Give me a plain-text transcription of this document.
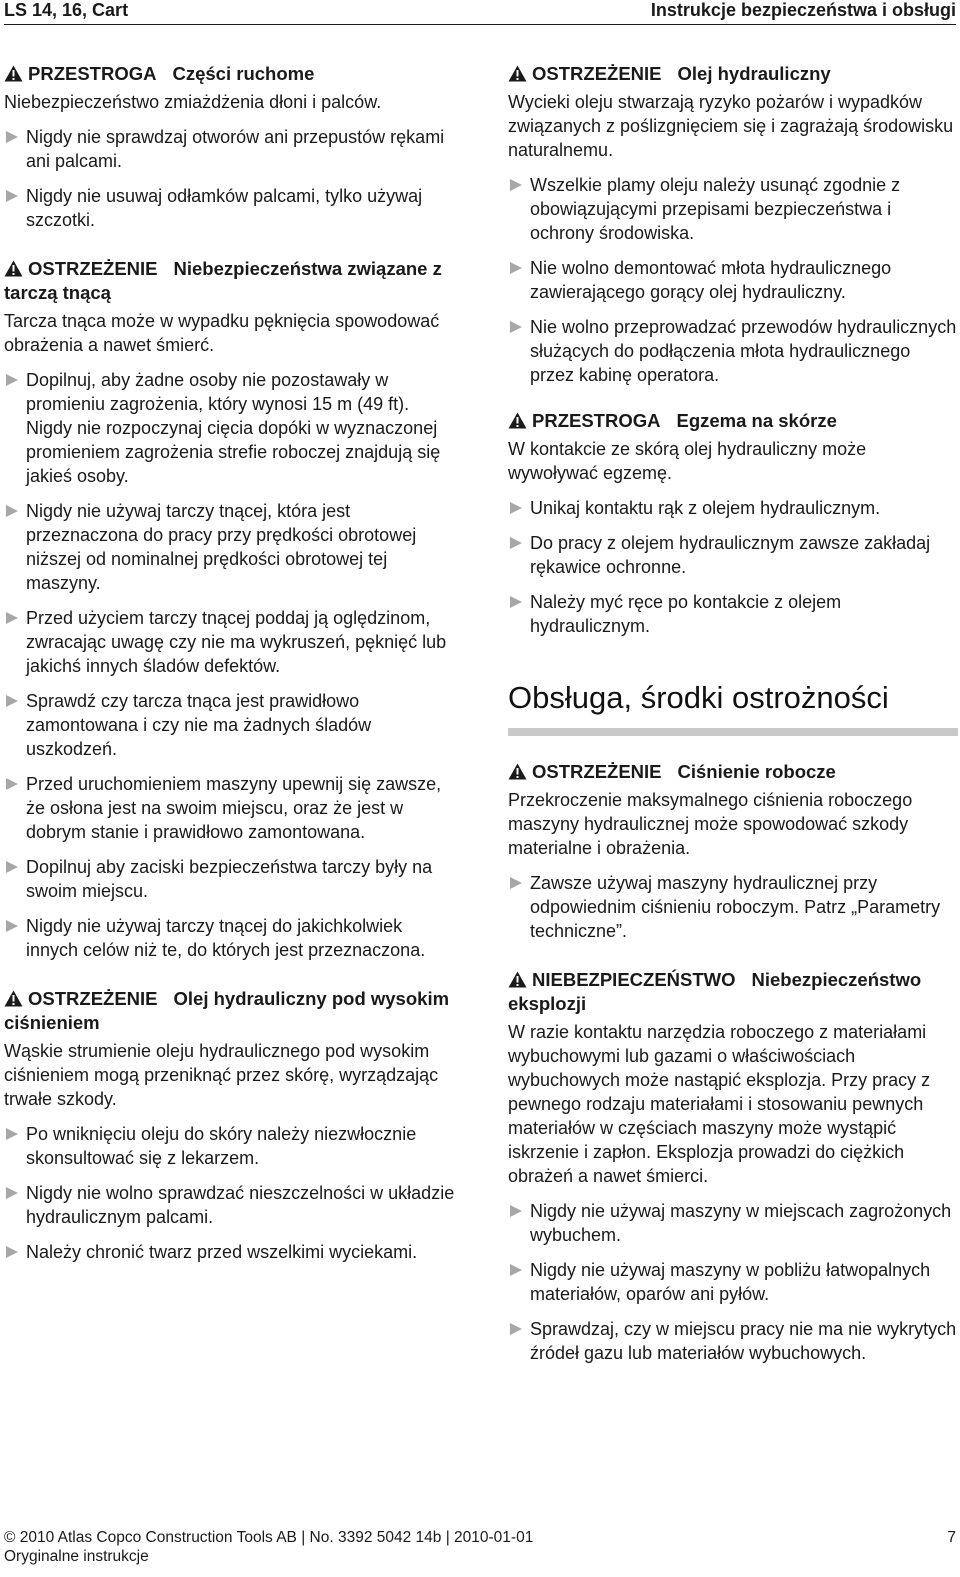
LS 14, 16, Cart	Instrukcje bezpieczeństwa i obsługi

PRZESTROGA Części ruchome

Niebezpieczeństwo zmiażdżenia dłoni i palców.

Nigdy nie sprawdzaj otworów ani przepustów rękami ani palcami.
Nigdy nie usuwaj odłamków palcami, tylko używaj szczotki.

OSTRZEŻENIE Niebezpieczeństwa związane z tarczą tnącą

Tarcza tnąca może w wypadku pęknięcia spowodować obrażenia a nawet śmierć.

Dopilnuj, aby żadne osoby nie pozostawały w promieniu zagrożenia, który wynosi 15 m (49 ft). Nigdy nie rozpoczynaj cięcia dopóki w wyznaczonej promieniem zagrożenia strefie roboczej znajdują się jakieś osoby.
Nigdy nie używaj tarczy tnącej, która jest przeznaczona do pracy przy prędkości obrotowej niższej od nominalnej prędkości obrotowej tej maszyny.
Przed użyciem tarczy tnącej poddaj ją oględzinom, zwracając uwagę czy nie ma wykruszeń, pęknięć lub jakichś innych śladów defektów.
Sprawdź czy tarcza tnąca jest prawidłowo zamontowana i czy nie ma żadnych śladów uszkodzeń.
Przed uruchomieniem maszyny upewnij się zawsze, że osłona jest na swoim miejscu, oraz że jest w dobrym stanie i prawidłowo zamontowana.
Dopilnuj aby zaciski bezpieczeństwa tarczy były na swoim miejscu.
Nigdy nie używaj tarczy tnącej do jakichkolwiek innych celów niż te, do których jest przeznaczona.

OSTRZEŻENIE Olej hydrauliczny pod wysokim ciśnieniem

Wąskie strumienie oleju hydraulicznego pod wysokim ciśnieniem mogą przeniknąć przez skórę, wyrządzając trwałe szkody.

Po wniknięciu oleju do skóry należy niezwłocznie skonsultować się z lekarzem.
Nigdy nie wolno sprawdzać nieszczelności w układzie hydraulicznym palcami.
Należy chronić twarz przed wszelkimi wyciekami.

OSTRZEŻENIE Olej hydrauliczny

Wycieki oleju stwarzają ryzyko pożarów i wypadków związanych z poślizgnięciem się i zagrażają środowisku naturalnemu.

Wszelkie plamy oleju należy usunąć zgodnie z obowiązującymi przepisami bezpieczeństwa i ochrony środowiska.
Nie wolno demontować młota hydraulicznego zawierającego gorący olej hydrauliczny.
Nie wolno przeprowadzać przewodów hydraulicznych służących do podłączenia młota hydraulicznego przez kabinę operatora.

PRZESTROGA Egzema na skórze

W kontakcie ze skórą olej hydrauliczny może wywoływać egzemę.

Unikaj kontaktu rąk z olejem hydraulicznym.
Do pracy z olejem hydraulicznym zawsze zakładaj rękawice ochronne.
Należy myć ręce po kontakcie z olejem hydraulicznym.
Obsługa, środki ostrożności

OSTRZEŻENIE Ciśnienie robocze

Przekroczenie maksymalnego ciśnienia roboczego maszyny hydraulicznej może spowodować szkody materialne i obrażenia.

Zawsze używaj maszyny hydraulicznej przy odpowiednim ciśnieniu roboczym. Patrz „Parametry techniczne”.

NIEBEZPIECZEŃSTWO Niebezpieczeństwo eksplozji

W razie kontaktu narzędzia roboczego z materiałami wybuchowymi lub gazami o właściwościach wybuchowych może nastąpić eksplozja. Przy pracy z pewnego rodzaju materiałami i stosowaniu pewnych materiałów w częściach maszyny może wystąpić iskrzenie i zapłon. Eksplozja prowadzi do ciężkich obrażeń a nawet śmierci.

Nigdy nie używaj maszyny w miejscach zagrożonych wybuchem.
Nigdy nie używaj maszyny w pobliżu łatwopalnych materiałów, oparów ani pyłów.
Sprawdzaj, czy w miejscu pracy nie ma nie wykrytych źródeł gazu lub materiałów wybuchowych.
© 2010 Atlas Copco Construction Tools AB | No. 3392 5042 14b | 2010-01-01
Oryginalne instrukcje
7
